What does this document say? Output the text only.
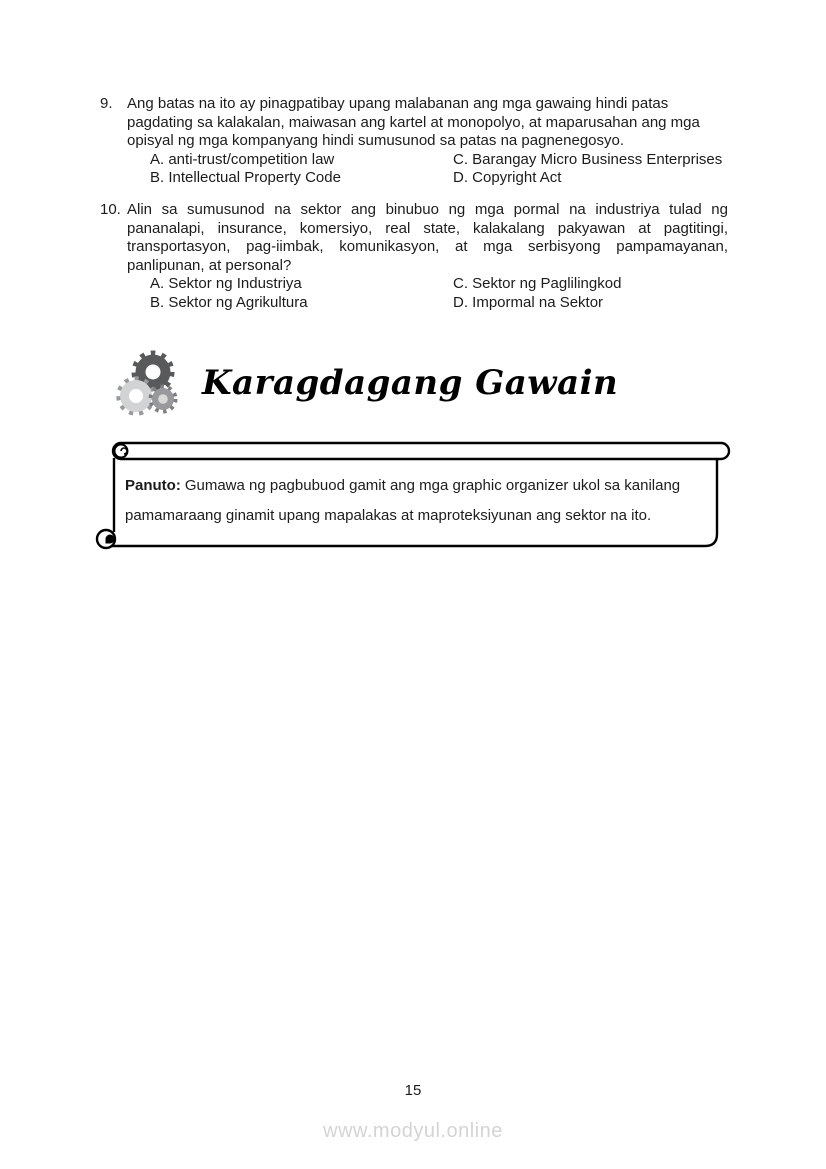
9. Ang batas na ito ay pinagpatibay upang malabanan ang mga gawaing hindi patas pagdating sa kalakalan, maiwasan ang kartel at monopolyo, at maparusahan ang mga opisyal ng mga kompanyang hindi sumusunod sa patas na pagnenegosyo.
A. anti-trust/competition law	C. Barangay Micro Business Enterprises
B. Intellectual Property Code	D. Copyright Act
10. Alin sa sumusunod na sektor ang binubuo ng mga pormal na industriya tulad ng pananalapi, insurance, komersiyo, real state, kalakalang pakyawan at pagtitingi, transportasyon, pag-iimbak, komunikasyon, at mga serbisyong pampamayanan, panlipunan, at personal?
A. Sektor ng Industriya	C. Sektor ng Paglilingkod
B. Sektor ng Agrikultura	D. Impormal na Sektor
Karagdagang Gawain
Panuto: Gumawa ng pagbubuod gamit ang mga graphic organizer ukol sa kanilang pamamaraang ginamit upang mapalakas at maproteksiyunan ang sektor na ito.
15
www.modyul.online
